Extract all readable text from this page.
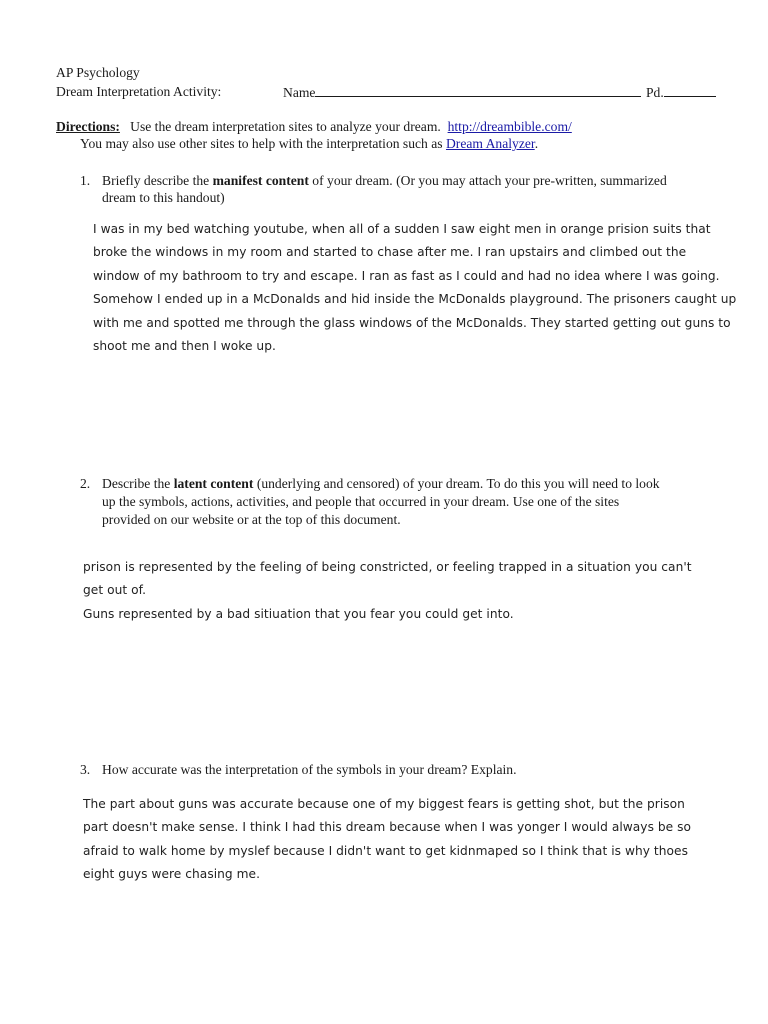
AP Psychology
Dream Interpretation Activity:	Name	Pd.
Directions: Use the dream interpretation sites to analyze your dream. http://dreambible.com/
You may also use other sites to help with the interpretation such as Dream Analyzer.
1. Briefly describe the manifest content of your dream. (Or you may attach your pre-written, summarized
dream to this handout)
I was in my bed watching youtube, when all of a sudden I saw eight men in orange prision suits that
broke the windows in my room and started to chase after me. I ran upstairs and climbed out the
window of my bathroom to try and escape. I ran as fast as I could and had no idea where I was going.
Somehow I ended up in a McDonalds and hid inside the McDonalds playground. The prisoners caught up
with me and spotted me through the glass windows of the McDonalds. They started getting out guns to
shoot me and then I woke up.
2. Describe the latent content (underlying and censored) of your dream. To do this you will need to look
up the symbols, actions, activities, and people that occurred in your dream. Use one of the sites
provided on our website or at the top of this document.
prison is represented by the feeling of being constricted, or feeling trapped in a situation you can't
get out of.
Guns represented by a bad sitiuation that you fear you could get into.
3. How accurate was the interpretation of the symbols in your dream? Explain.
The part about guns was accurate because one of my biggest fears is getting shot, but the prison
part doesn't make sense. I think I had this dream because when I was yonger I would always be so
afraid to walk home by myslef because I didn't want to get kidnmaped so I think that is why thoes
eight guys were chasing me.
